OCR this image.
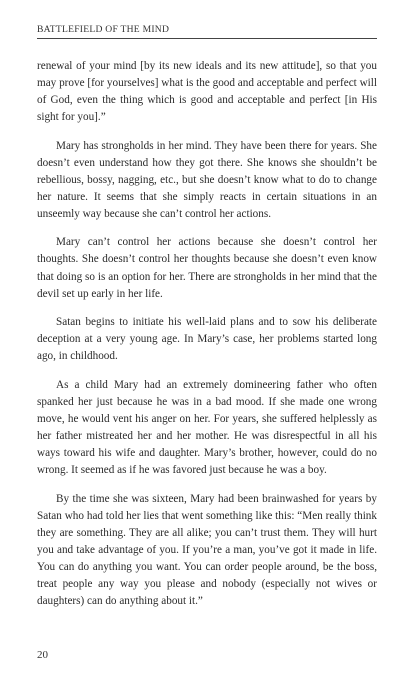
BATTLEFIELD OF THE MIND

renewal of your mind [by its new ideals and its new attitude], so that you may prove [for yourselves] what is the good and acceptable and perfect will of God, even the thing which is good and acceptable and perfect [in His sight for you].”

Mary has strongholds in her mind. They have been there for years. She doesn’t even understand how they got there. She knows she shouldn’t be rebellious, bossy, nagging, etc., but she doesn’t know what to do to change her nature. It seems that she simply reacts in certain situations in an unseemly way because she can’t control her actions.

Mary can’t control her actions because she doesn’t control her thoughts. She doesn’t control her thoughts because she doesn’t even know that doing so is an option for her. There are strongholds in her mind that the devil set up early in her life.

Satan begins to initiate his well-laid plans and to sow his deliberate deception at a very young age. In Mary’s case, her problems started long ago, in childhood.

As a child Mary had an extremely domineering father who often spanked her just because he was in a bad mood. If she made one wrong move, he would vent his anger on her. For years, she suffered helplessly as her father mistreated her and her mother. He was disrespectful in all his ways toward his wife and daughter. Mary’s brother, however, could do no wrong. It seemed as if he was favored just because he was a boy.

By the time she was sixteen, Mary had been brainwashed for years by Satan who had told her lies that went something like this: “Men really think they are something. They are all alike; you can’t trust them. They will hurt you and take advantage of you. If you’re a man, you’ve got it made in life. You can do anything you want. You can order people around, be the boss, treat people any way you please and nobody (especially not wives or daughters) can do anything about it.”

20
